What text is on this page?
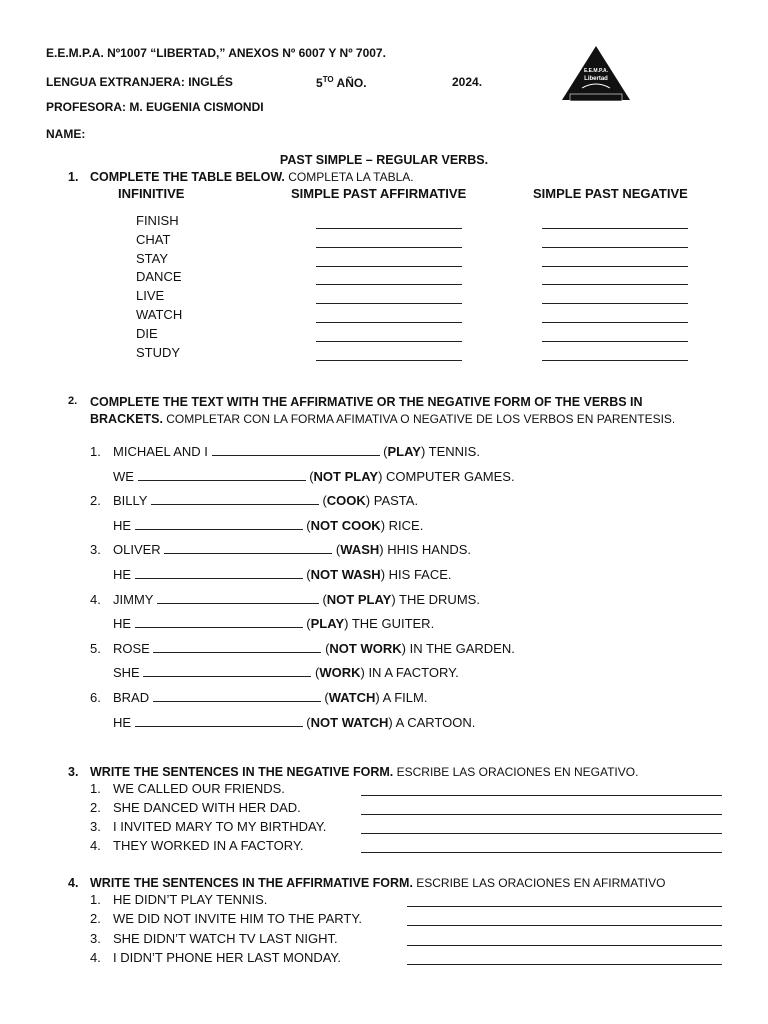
E.E.M.P.A. Nº1007 “LIBERTAD,” ANEXOS Nº 6007 Y Nº 7007.
LENGUA EXTRANJERA: INGLÉS	$5^{TO}$ AÑO.	2024.
PROFESORA: M. EUGENIA CISMONDI
NAME:
E.E.M.P.A.
Libertad
PAST SIMPLE – REGULAR VERBS.
1. COMPLETE THE TABLE BELOW. COMPLETA LA TABLA.
INFINITIVE	SIMPLE PAST AFFIRMATIVE	SIMPLE PAST NEGATIVE
FINISH
CHAT
STAY
DANCE
LIVE
WATCH
DIE
STUDY
2. COMPLETE THE TEXT WITH THE AFFIRMATIVE OR THE NEGATIVE FORM OF THE VERBS IN
BRACKETS. COMPLETAR CON LA FORMA AFIMATIVA O NEGATIVE DE LOS VERBOS EN PARENTESIS.
1. MICHAEL AND I	(PLAY) TENNIS.
WE	(NOT PLAY) COMPUTER GAMES.
2. BILLY	(COOK) PASTA.
HE	(NOT COOK) RICE.
3. OLIVER	(WASH) HHIS HANDS.
HE	(NOT WASH) HIS FACE.
4. JIMMY	(NOT PLAY) THE DRUMS.
HE	(PLAY) THE GUITER.
5. ROSE	(NOT WORK) IN THE GARDEN.
SHE	(WORK) IN A FACTORY.
6. BRAD	(WATCH) A FILM.
HE	(NOT WATCH) A CARTOON.
3. WRITE THE SENTENCES IN THE NEGATIVE FORM. ESCRIBE LAS ORACIONES EN NEGATIVO.
1. WE CALLED OUR FRIENDS.
2. SHE DANCED WITH HER DAD.
3. I INVITED MARY TO MY BIRTHDAY.
4. THEY WORKED IN A FACTORY.
4. WRITE THE SENTENCES IN THE AFFIRMATIVE FORM. ESCRIBE LAS ORACIONES EN AFIRMATIVO
1. HE DIDN’T PLAY TENNIS.
2. WE DID NOT INVITE HIM TO THE PARTY.
3. SHE DIDN’T WATCH TV LAST NIGHT.
4. I DIDN’T PHONE HER LAST MONDAY.
